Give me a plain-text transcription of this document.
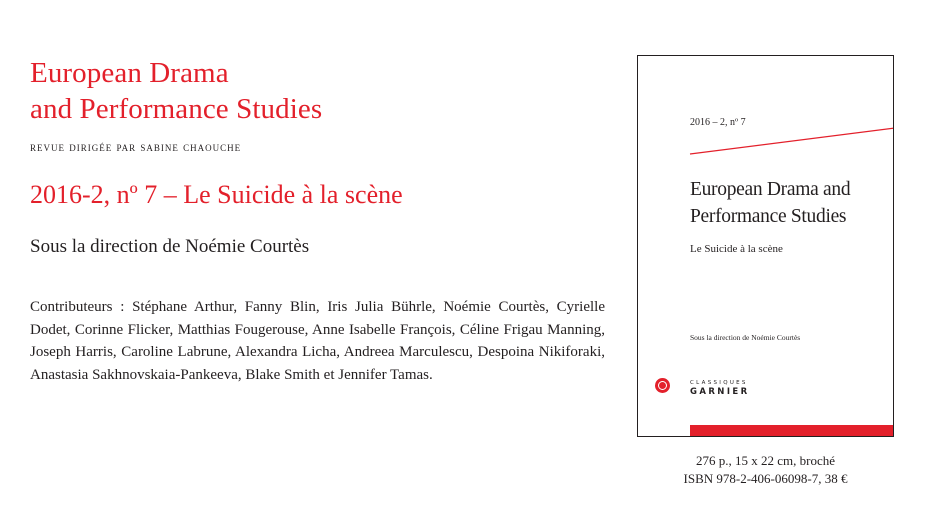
European Drama
and Performance Studies
revue dirigée par sabine chaouche
2016-2, nº 7 – Le Suicide à la scène
Sous la direction de Noémie Courtès
Contributeurs : Stéphane Arthur, Fanny Blin, Iris Julia Bührle, Noémie Courtès, Cyrielle Dodet, Corinne Flicker, Matthias Fougerouse, Anne Isabelle François, Céline Frigau Manning, Joseph Harris, Caroline Labrune, Alexandra Licha, Andreea Marculescu, Despoina Nikiforaki, Anastasia Sakhnovskaia-Pankeeva, Blake Smith et Jennifer Tamas.
2016 – 2, nº 7
European Drama and
Performance Studies
Le Suicide à la scène
Sous la direction de Noémie Courtès
CLASSIQUES
GARNIER
276 p., 15 x 22 cm, broché
ISBN 978-2-406-06098-7, 38 €
